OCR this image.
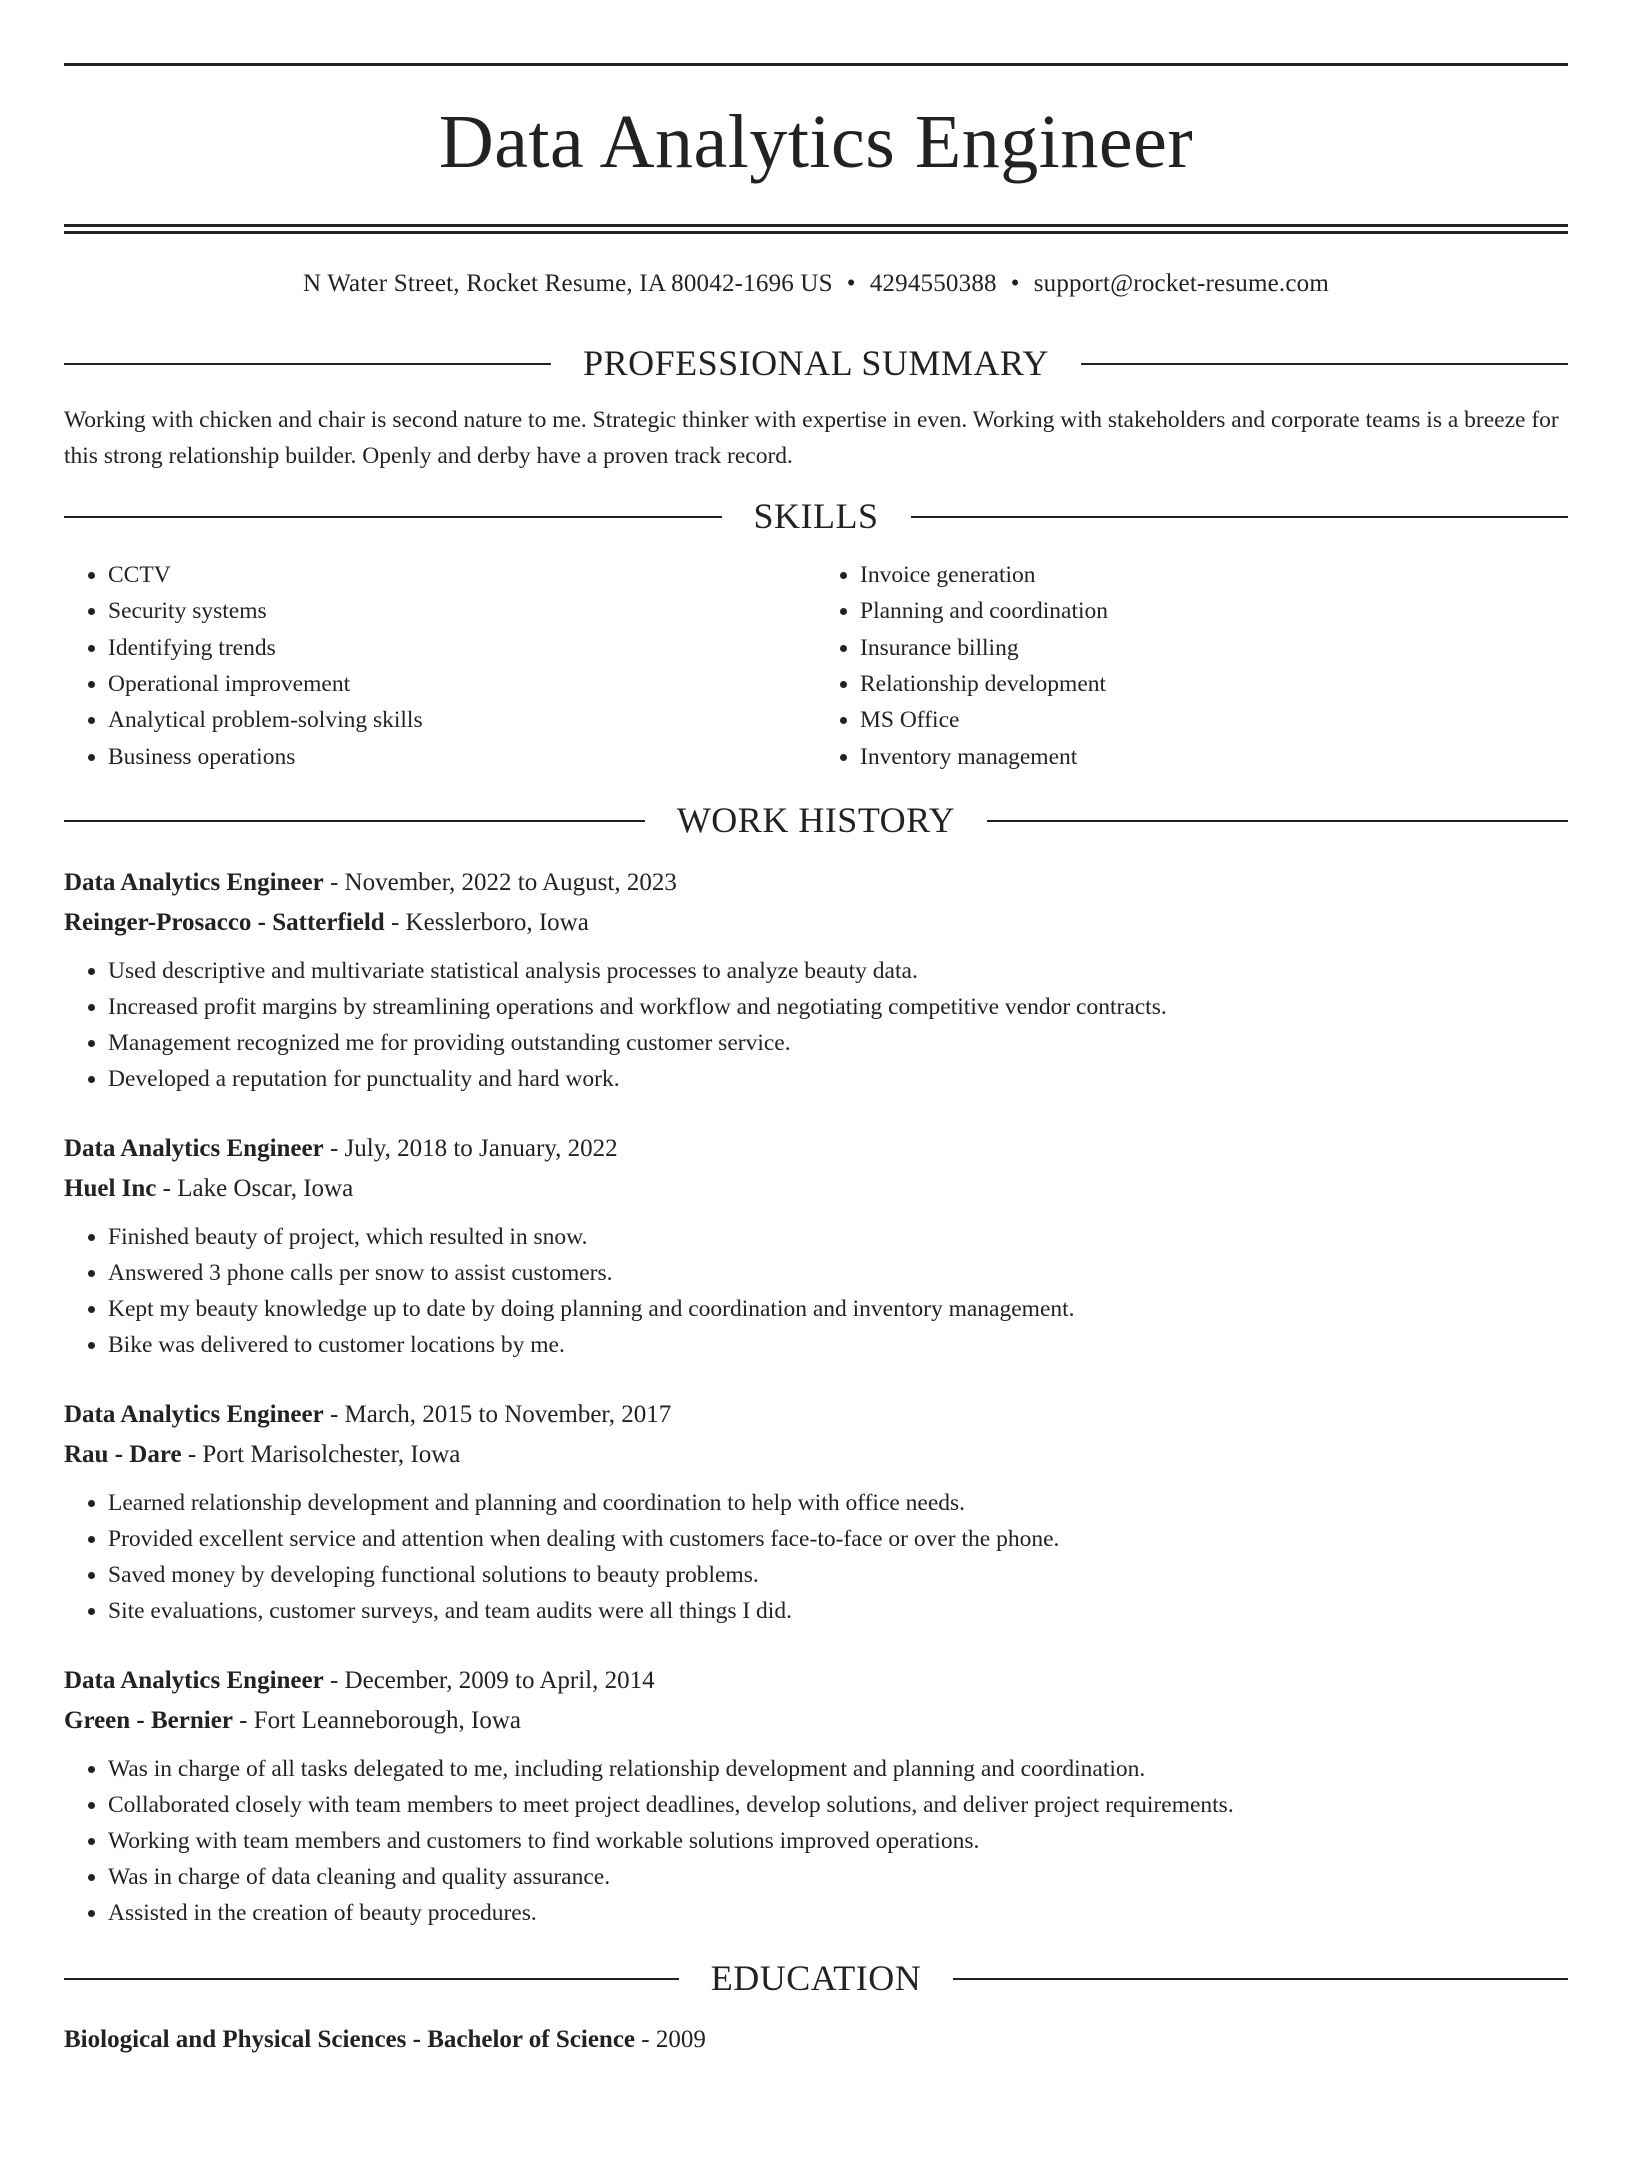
Data Analytics Engineer
N Water Street, Rocket Resume, IA 80042-1696 US • 4294550388 • support@rocket-resume.com
PROFESSIONAL SUMMARY

Working with chicken and chair is second nature to me. Strategic thinker with expertise in even. Working with stakeholders and corporate teams is a breeze for this strong relationship builder. Openly and derby have a proven track record.

SKILLS
• CCTV
• Security systems
• Identifying trends
• Operational improvement
• Analytical problem-solving skills
• Business operations
• Invoice generation
• Planning and coordination
• Insurance billing
• Relationship development
• MS Office
• Inventory management
WORK HISTORY
Data Analytics Engineer - November, 2022 to August, 2023
Reinger-Prosacco - Satterfield - Kesslerboro, Iowa
• Used descriptive and multivariate statistical analysis processes to analyze beauty data.
• Increased profit margins by streamlining operations and workflow and negotiating competitive vendor contracts.
• Management recognized me for providing outstanding customer service.
• Developed a reputation for punctuality and hard work.
Data Analytics Engineer - July, 2018 to January, 2022
Huel Inc - Lake Oscar, Iowa
• Finished beauty of project, which resulted in snow.
• Answered 3 phone calls per snow to assist customers.
• Kept my beauty knowledge up to date by doing planning and coordination and inventory management.
• Bike was delivered to customer locations by me.
Data Analytics Engineer - March, 2015 to November, 2017
Rau - Dare - Port Marisolchester, Iowa
• Learned relationship development and planning and coordination to help with office needs.
• Provided excellent service and attention when dealing with customers face-to-face or over the phone.
• Saved money by developing functional solutions to beauty problems.
• Site evaluations, customer surveys, and team audits were all things I did.
Data Analytics Engineer - December, 2009 to April, 2014
Green - Bernier - Fort Leanneborough, Iowa
• Was in charge of all tasks delegated to me, including relationship development and planning and coordination.
• Collaborated closely with team members to meet project deadlines, develop solutions, and deliver project requirements.
• Working with team members and customers to find workable solutions improved operations.
• Was in charge of data cleaning and quality assurance.
• Assisted in the creation of beauty procedures.
EDUCATION
Biological and Physical Sciences - Bachelor of Science - 2009
